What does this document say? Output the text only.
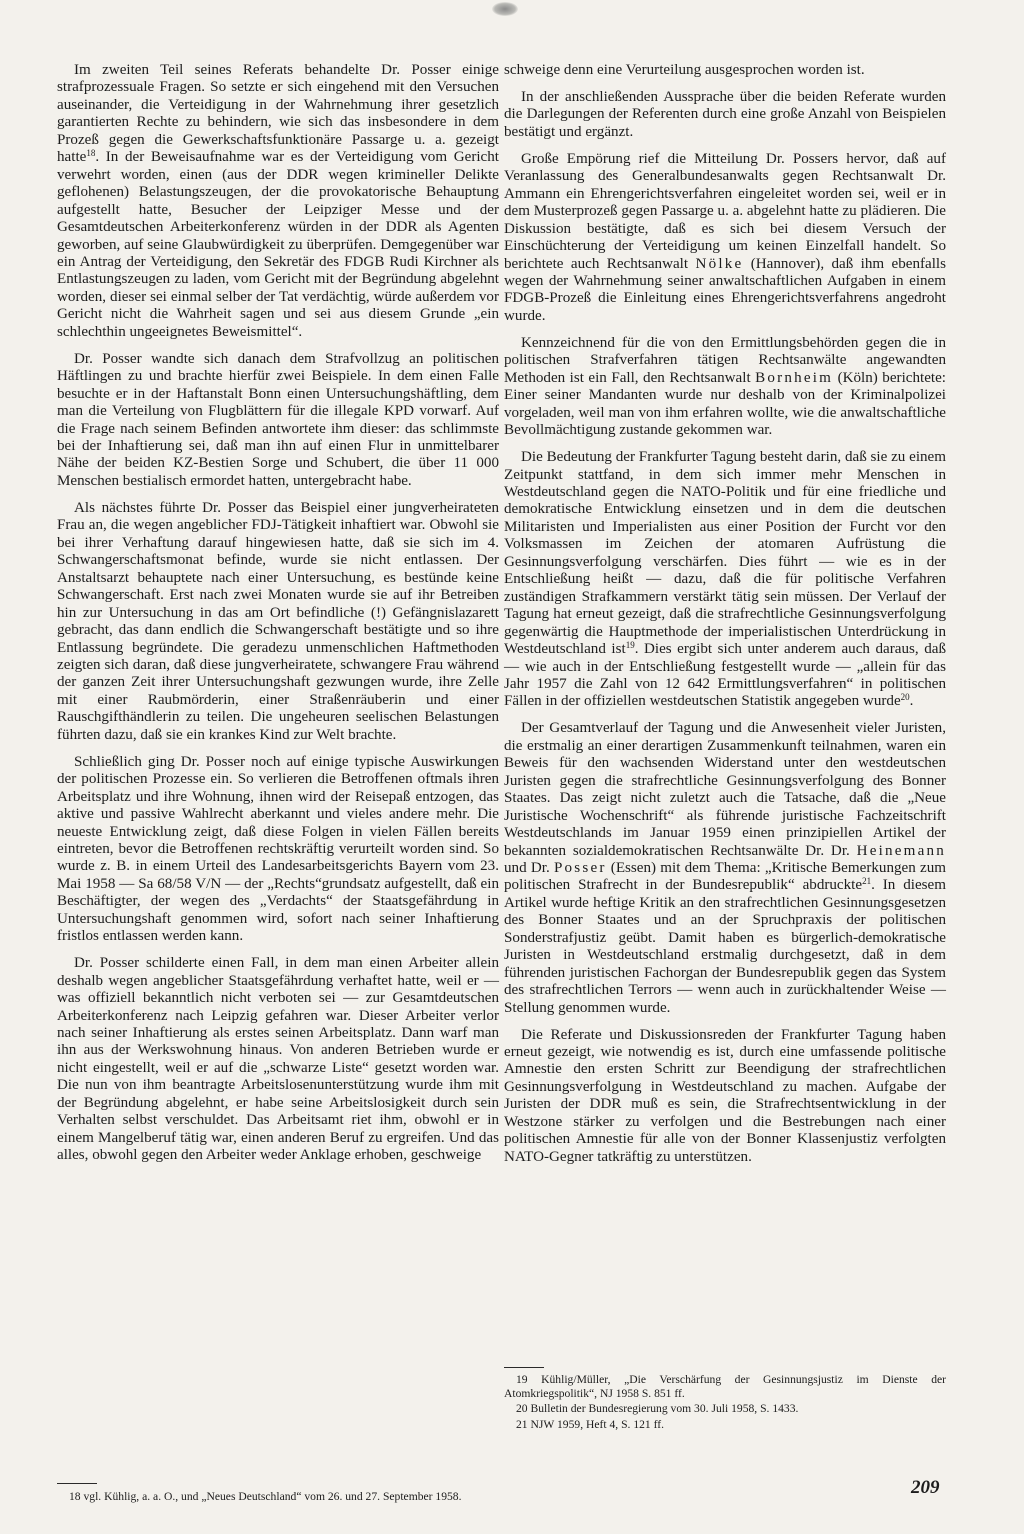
Im zweiten Teil seines Referats behandelte Dr. Posser einige strafprozessuale Fragen. So setzte er sich eingehend mit den Versuchen auseinander, die Verteidigung in der Wahrnehmung ihrer gesetzlich garantierten Rechte zu behindern, wie sich das insbesondere in dem Prozeß gegen die Gewerkschaftsfunktionäre Passarge u. a. gezeigt hatte$^{18}$. In der Beweisaufnahme war es der Verteidigung vom Gericht verwehrt worden, einen (aus der DDR wegen krimineller Delikte geflohenen) Belastungszeugen, der die provokatorische Behauptung aufgestellt hatte, Besucher der Leipziger Messe und der Gesamtdeutschen Arbeiterkonferenz würden in der DDR als Agenten geworben, auf seine Glaubwürdigkeit zu überprüfen. Demgegenüber war ein Antrag der Verteidigung, den Sekretär des FDGB Rudi Kirchner als Entlastungszeugen zu laden, vom Gericht mit der Begründung abgelehnt worden, dieser sei einmal selber der Tat verdächtig, würde außerdem vor Gericht nicht die Wahrheit sagen und sei aus diesem Grunde „ein schlechthin ungeeignetes Beweismittel“.

Dr. Posser wandte sich danach dem Strafvollzug an politischen Häftlingen zu und brachte hierfür zwei Beispiele. In dem einen Falle besuchte er in der Haftanstalt Bonn einen Untersuchungshäftling, dem man die Verteilung von Flugblättern für die illegale KPD vorwarf. Auf die Frage nach seinem Befinden antwortete ihm dieser: das schlimmste bei der Inhaftierung sei, daß man ihn auf einen Flur in unmittelbarer Nähe der beiden KZ-Bestien Sorge und Schubert, die über 11 000 Menschen bestialisch ermordet hatten, untergebracht habe.

Als nächstes führte Dr. Posser das Beispiel einer jungverheirateten Frau an, die wegen angeblicher FDJ-Tätigkeit inhaftiert war. Obwohl sie bei ihrer Verhaftung darauf hingewiesen hatte, daß sie sich im 4. Schwangerschaftsmonat befinde, wurde sie nicht entlassen. Der Anstaltsarzt behauptete nach einer Untersuchung, es bestünde keine Schwangerschaft. Erst nach zwei Monaten wurde sie auf ihr Betreiben hin zur Untersuchung in das am Ort befindliche (!) Gefängnislazarett gebracht, das dann endlich die Schwangerschaft bestätigte und so ihre Entlassung begründete. Die geradezu unmenschlichen Haftmethoden zeigten sich daran, daß diese jungverheiratete, schwangere Frau während der ganzen Zeit ihrer Untersuchungshaft gezwungen wurde, ihre Zelle mit einer Raubmörderin, einer Straßenräuberin und einer Rauschgifthändlerin zu teilen. Die ungeheuren seelischen Belastungen führten dazu, daß sie ein krankes Kind zur Welt brachte.

Schließlich ging Dr. Posser noch auf einige typische Auswirkungen der politischen Prozesse ein. So verlieren die Betroffenen oftmals ihren Arbeitsplatz und ihre Wohnung, ihnen wird der Reisepaß entzogen, das aktive und passive Wahlrecht aberkannt und vieles andere mehr. Die neueste Entwicklung zeigt, daß diese Folgen in vielen Fällen bereits eintreten, bevor die Betroffenen rechtskräftig verurteilt worden sind. So wurde z. B. in einem Urteil des Landesarbeitsgerichts Bayern vom 23. Mai 1958 — Sa 68/58 V/N — der „Rechts“grundsatz aufgestellt, daß ein Beschäftigter, der wegen des „Verdachts“ der Staatsgefährdung in Untersuchungshaft genommen wird, sofort nach seiner Inhaftierung fristlos entlassen werden kann.

Dr. Posser schilderte einen Fall, in dem man einen Arbeiter allein deshalb wegen angeblicher Staatsgefährdung verhaftet hatte, weil er — was offiziell bekanntlich nicht verboten sei — zur Gesamtdeutschen Arbeiterkonferenz nach Leipzig gefahren war. Dieser Arbeiter verlor nach seiner Inhaftierung als erstes seinen Arbeitsplatz. Dann warf man ihn aus der Werkswohnung hinaus. Von anderen Betrieben wurde er nicht eingestellt, weil er auf die „schwarze Liste“ gesetzt worden war. Die nun von ihm beantragte Arbeitslosenunterstützung wurde ihm mit der Begründung abgelehnt, er habe seine Arbeitslosigkeit durch sein Verhalten selbst verschuldet. Das Arbeitsamt riet ihm, obwohl er in einem Mangelberuf tätig war, einen anderen Beruf zu ergreifen. Und das alles, obwohl gegen den Arbeiter weder Anklage erhoben, geschweige

schweige denn eine Verurteilung ausgesprochen worden ist.

In der anschließenden Aussprache über die beiden Referate wurden die Darlegungen der Referenten durch eine große Anzahl von Beispielen bestätigt und ergänzt.

Große Empörung rief die Mitteilung Dr. Possers hervor, daß auf Veranlassung des Generalbundesanwalts gegen Rechtsanwalt Dr. Ammann ein Ehrengerichtsverfahren eingeleitet worden sei, weil er in dem Musterprozeß gegen Passarge u. a. abgelehnt hatte zu plädieren. Die Diskussion bestätigte, daß es sich bei diesem Versuch der Einschüchterung der Verteidigung um keinen Einzelfall handelt. So berichtete auch Rechtsanwalt Nölke (Hannover), daß ihm ebenfalls wegen der Wahrnehmung seiner anwaltschaftlichen Aufgaben in einem FDGB-Prozeß die Einleitung eines Ehrengerichtsverfahrens angedroht wurde.

Kennzeichnend für die von den Ermittlungsbehörden gegen die in politischen Strafverfahren tätigen Rechtsanwälte angewandten Methoden ist ein Fall, den Rechtsanwalt Bornheim (Köln) berichtete: Einer seiner Mandanten wurde nur deshalb von der Kriminalpolizei vorgeladen, weil man von ihm erfahren wollte, wie die anwaltschaftliche Bevollmächtigung zustande gekommen war.

Die Bedeutung der Frankfurter Tagung besteht darin, daß sie zu einem Zeitpunkt stattfand, in dem sich immer mehr Menschen in Westdeutschland gegen die NATO-Politik und für eine friedliche und demokratische Entwicklung einsetzen und in dem die deutschen Militaristen und Imperialisten aus einer Position der Furcht vor den Volksmassen im Zeichen der atomaren Aufrüstung die Gesinnungsverfolgung verschärfen. Dies führt — wie es in der Entschließung heißt — dazu, daß die für politische Verfahren zuständigen Strafkammern verstärkt tätig sein müssen. Der Verlauf der Tagung hat erneut gezeigt, daß die strafrechtliche Gesinnungsverfolgung gegenwärtig die Hauptmethode der imperialistischen Unterdrückung in Westdeutschland ist$^{19}$. Dies ergibt sich unter anderem auch daraus, daß — wie auch in der Entschließung festgestellt wurde — „allein für das Jahr 1957 die Zahl von 12 642 Ermittlungsverfahren“ in politischen Fällen in der offiziellen westdeutschen Statistik angegeben wurde$^{20}$.

Der Gesamtverlauf der Tagung und die Anwesenheit vieler Juristen, die erstmalig an einer derartigen Zusammenkunft teilnahmen, waren ein Beweis für den wachsenden Widerstand unter den westdeutschen Juristen gegen die strafrechtliche Gesinnungsverfolgung des Bonner Staates. Das zeigt nicht zuletzt auch die Tatsache, daß die „Neue Juristische Wochenschrift“ als führende juristische Fachzeitschrift Westdeutschlands im Januar 1959 einen prinzipiellen Artikel der bekannten sozialdemokratischen Rechtsanwälte Dr. Dr. Heinemann und Dr. Posser (Essen) mit dem Thema: „Kritische Bemerkungen zum politischen Strafrecht in der Bundesrepublik“ abdruckte$^{21}$. In diesem Artikel wurde heftige Kritik an den strafrechtlichen Gesinnungsgesetzen des Bonner Staates und an der Spruchpraxis der politischen Sonderstrafjustiz geübt. Damit haben es bürgerlich-demokratische Juristen in Westdeutschland erstmalig durchgesetzt, daß in dem führenden juristischen Fachorgan der Bundesrepublik gegen das System des strafrechtlichen Terrors — wenn auch in zurückhaltender Weise — Stellung genommen wurde.

Die Referate und Diskussionsreden der Frankfurter Tagung haben erneut gezeigt, wie notwendig es ist, durch eine umfassende politische Amnestie den ersten Schritt zur Beendigung der strafrechtlichen Gesinnungsverfolgung in Westdeutschland zu machen. Aufgabe der Juristen der DDR muß es sein, die Strafrechtsentwicklung in der Westzone stärker zu verfolgen und die Bestrebungen nach einer politischen Amnestie für alle von der Bonner Klassenjustiz verfolgten NATO-Gegner tatkräftig zu unterstützen.

18 vgl. Kühlig, a. a. O., und „Neues Deutschland“ vom 26. und 27. September 1958.
19 Kühlig/Müller, „Die Verschärfung der Gesinnungsjustiz im Dienste der Atomkriegspolitik“, NJ 1958 S. 851 ff.
20 Bulletin der Bundesregierung vom 30. Juli 1958, S. 1433.
21 NJW 1959, Heft 4, S. 121 ff.
209
